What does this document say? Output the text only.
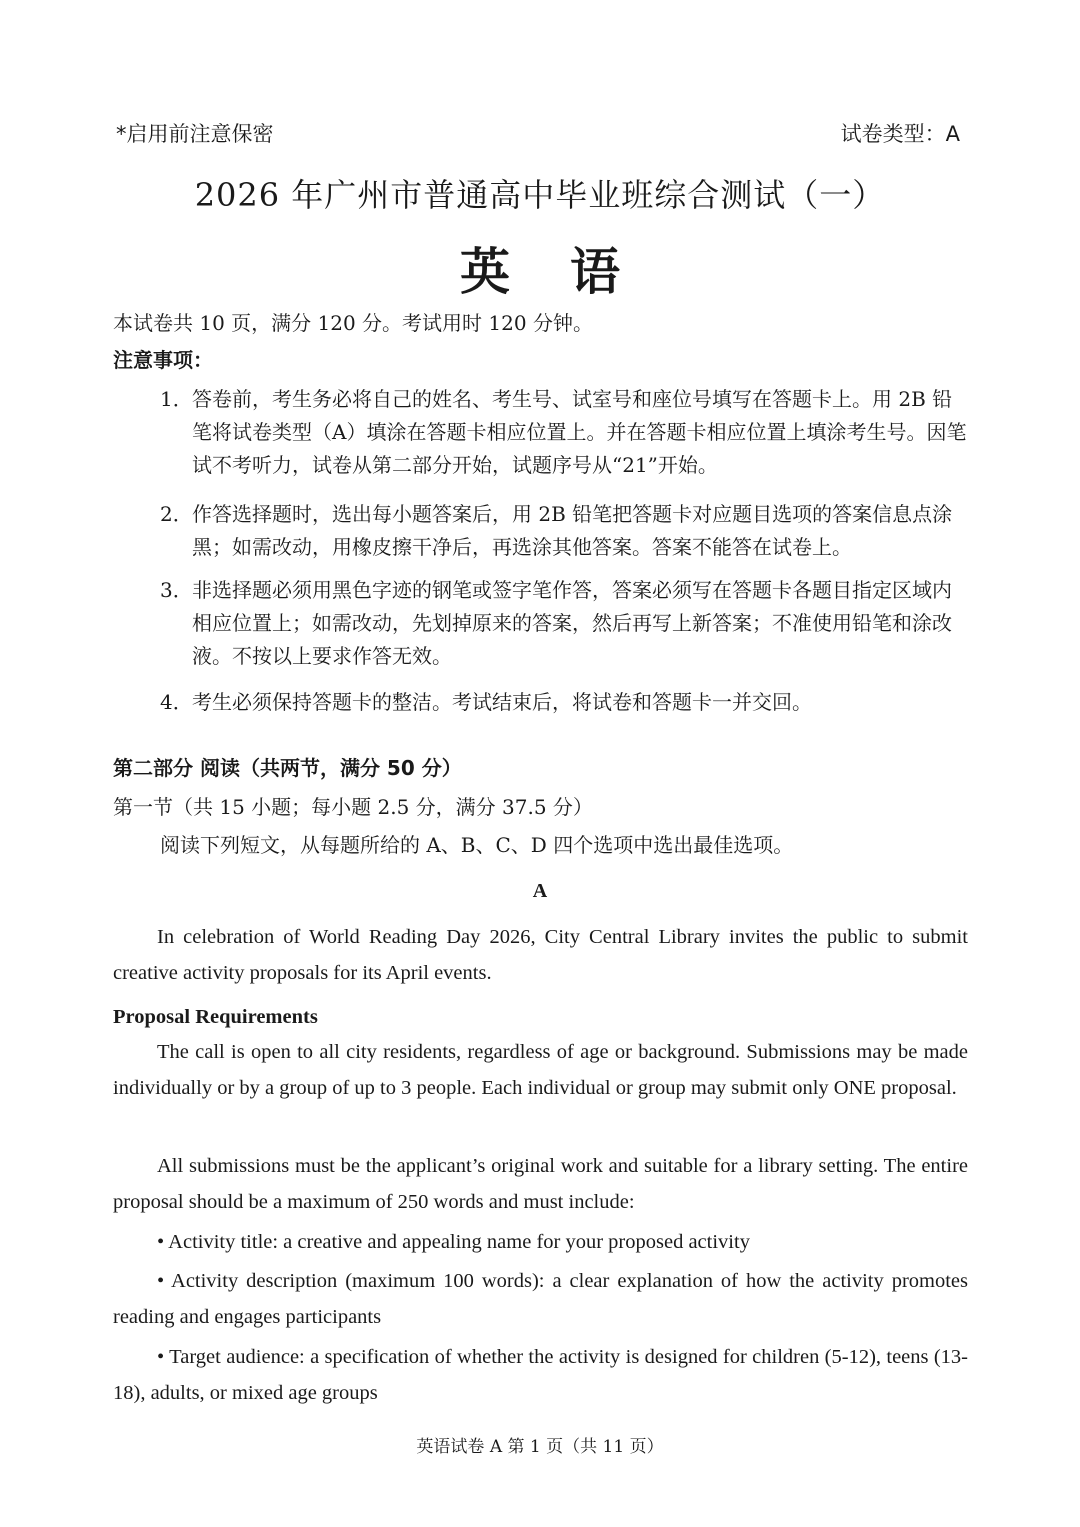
*启用前注意保密	试卷类型：A
2026 年广州市普通高中毕业班综合测试（一）
英语
本试卷共 10 页，满分 120 分。考试用时 120 分钟。
注意事项：
1． 答卷前，考生务必将自己的姓名、考生号、试室号和座位号填写在答题卡上。用 2B 铅笔将试卷类型（A）填涂在答题卡相应位置上。并在答题卡相应位置上填涂考生号。因笔试不考听力，试卷从第二部分开始，试题序号从“21”开始。
2． 作答选择题时，选出每小题答案后，用 2B 铅笔把答题卡对应题目选项的答案信息点涂黑；如需改动，用橡皮擦干净后，再选涂其他答案。答案不能答在试卷上。
3． 非选择题必须用黑色字迹的钢笔或签字笔作答，答案必须写在答题卡各题目指定区域内相应位置上；如需改动，先划掉原来的答案，然后再写上新答案；不准使用铅笔和涂改液。不按以上要求作答无效。
4． 考生必须保持答题卡的整洁。考试结束后，将试卷和答题卡一并交回。
第二部分 阅读（共两节，满分 50 分）
第一节（共 15 小题；每小题 2.5 分，满分 37.5 分）
阅读下列短文，从每题所给的 A、B、C、D 四个选项中选出最佳选项。
A
In celebration of World Reading Day 2026, City Central Library invites the public to submit creative activity proposals for its April events.
Proposal Requirements
The call is open to all city residents, regardless of age or background. Submissions may be made individually or by a group of up to 3 people. Each individual or group may submit only ONE proposal.
All submissions must be the applicant’s original work and suitable for a library setting. The entire proposal should be a maximum of 250 words and must include:
• Activity title: a creative and appealing name for your proposed activity
• Activity description (maximum 100 words): a clear explanation of how the activity promotes reading and engages participants
• Target audience: a specification of whether the activity is designed for children (5-12), teens (13-18), adults, or mixed age groups
英语试卷 A 第 1 页（共 11 页）
